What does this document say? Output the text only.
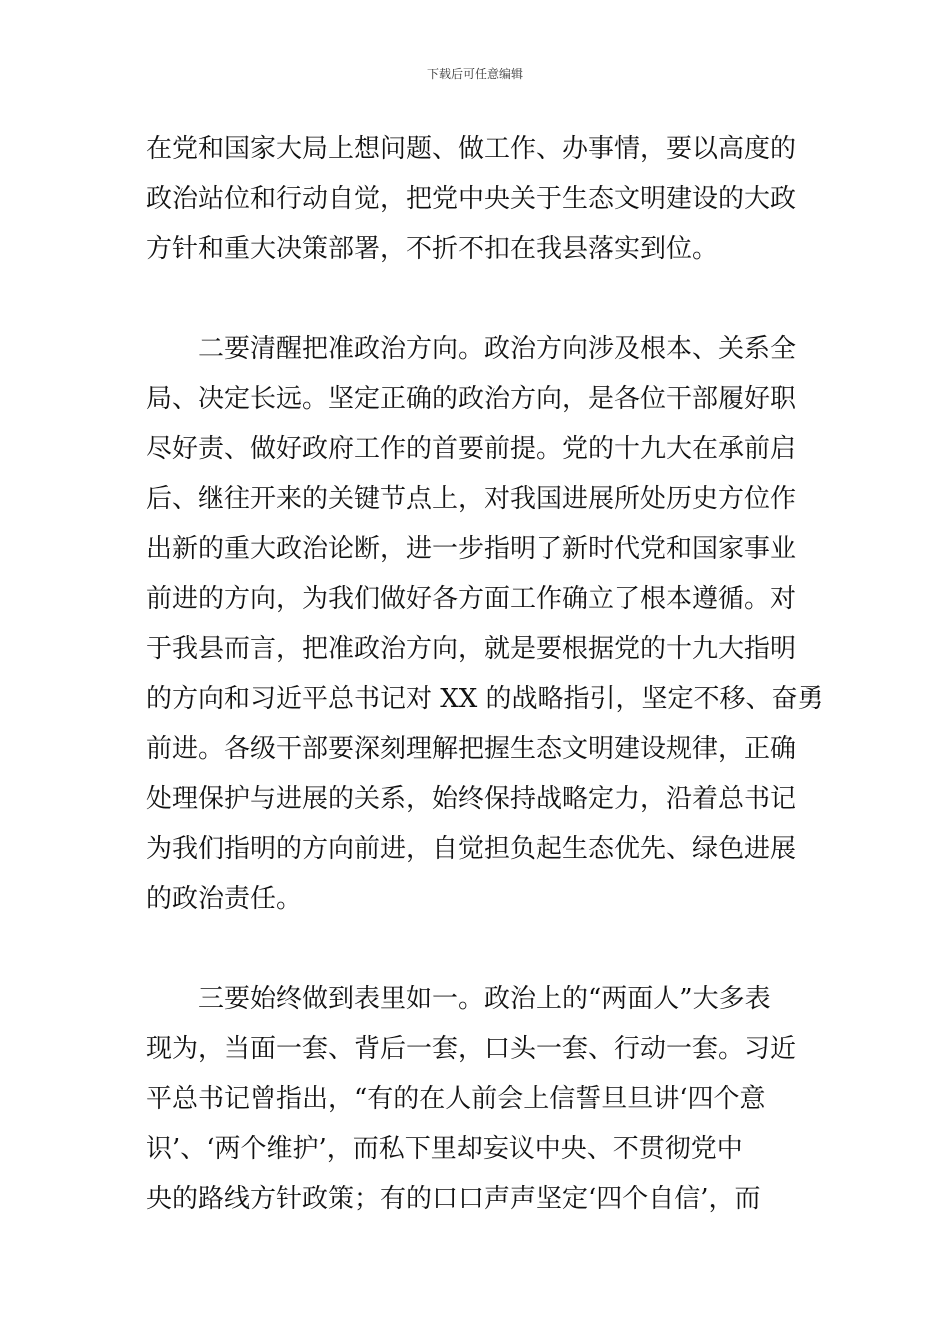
下载后可任意编辑
在党和国家大局上想问题、做工作、办事情，要以高度的
政治站位和行动自觉，把党中央关于生态文明建设的大政
方针和重大决策部署，不折不扣在我县落实到位。
二要清醒把准政治方向。政治方向涉及根本、关系全
局、决定长远。坚定正确的政治方向，是各位干部履好职
尽好责、做好政府工作的首要前提。党的十九大在承前启
后、继往开来的关键节点上，对我国进展所处历史方位作
出新的重大政治论断，进一步指明了新时代党和国家事业
前进的方向，为我们做好各方面工作确立了根本遵循。对
于我县而言，把准政治方向，就是要根据党的十九大指明
的方向和习近平总书记对 XX 的战略指引，坚定不移、奋勇
前进。各级干部要深刻理解把握生态文明建设规律，正确
处理保护与进展的关系，始终保持战略定力，沿着总书记
为我们指明的方向前进，自觉担负起生态优先、绿色进展
的政治责任。
三要始终做到表里如一。政治上的“两面人”大多表
现为，当面一套、背后一套，口头一套、行动一套。习近
平总书记曾指出，“有的在人前会上信誓旦旦讲‘四个意
识’、‘两个维护’，而私下里却妄议中央、不贯彻党中
央的路线方针政策；有的口口声声坚定‘四个自信’，而
